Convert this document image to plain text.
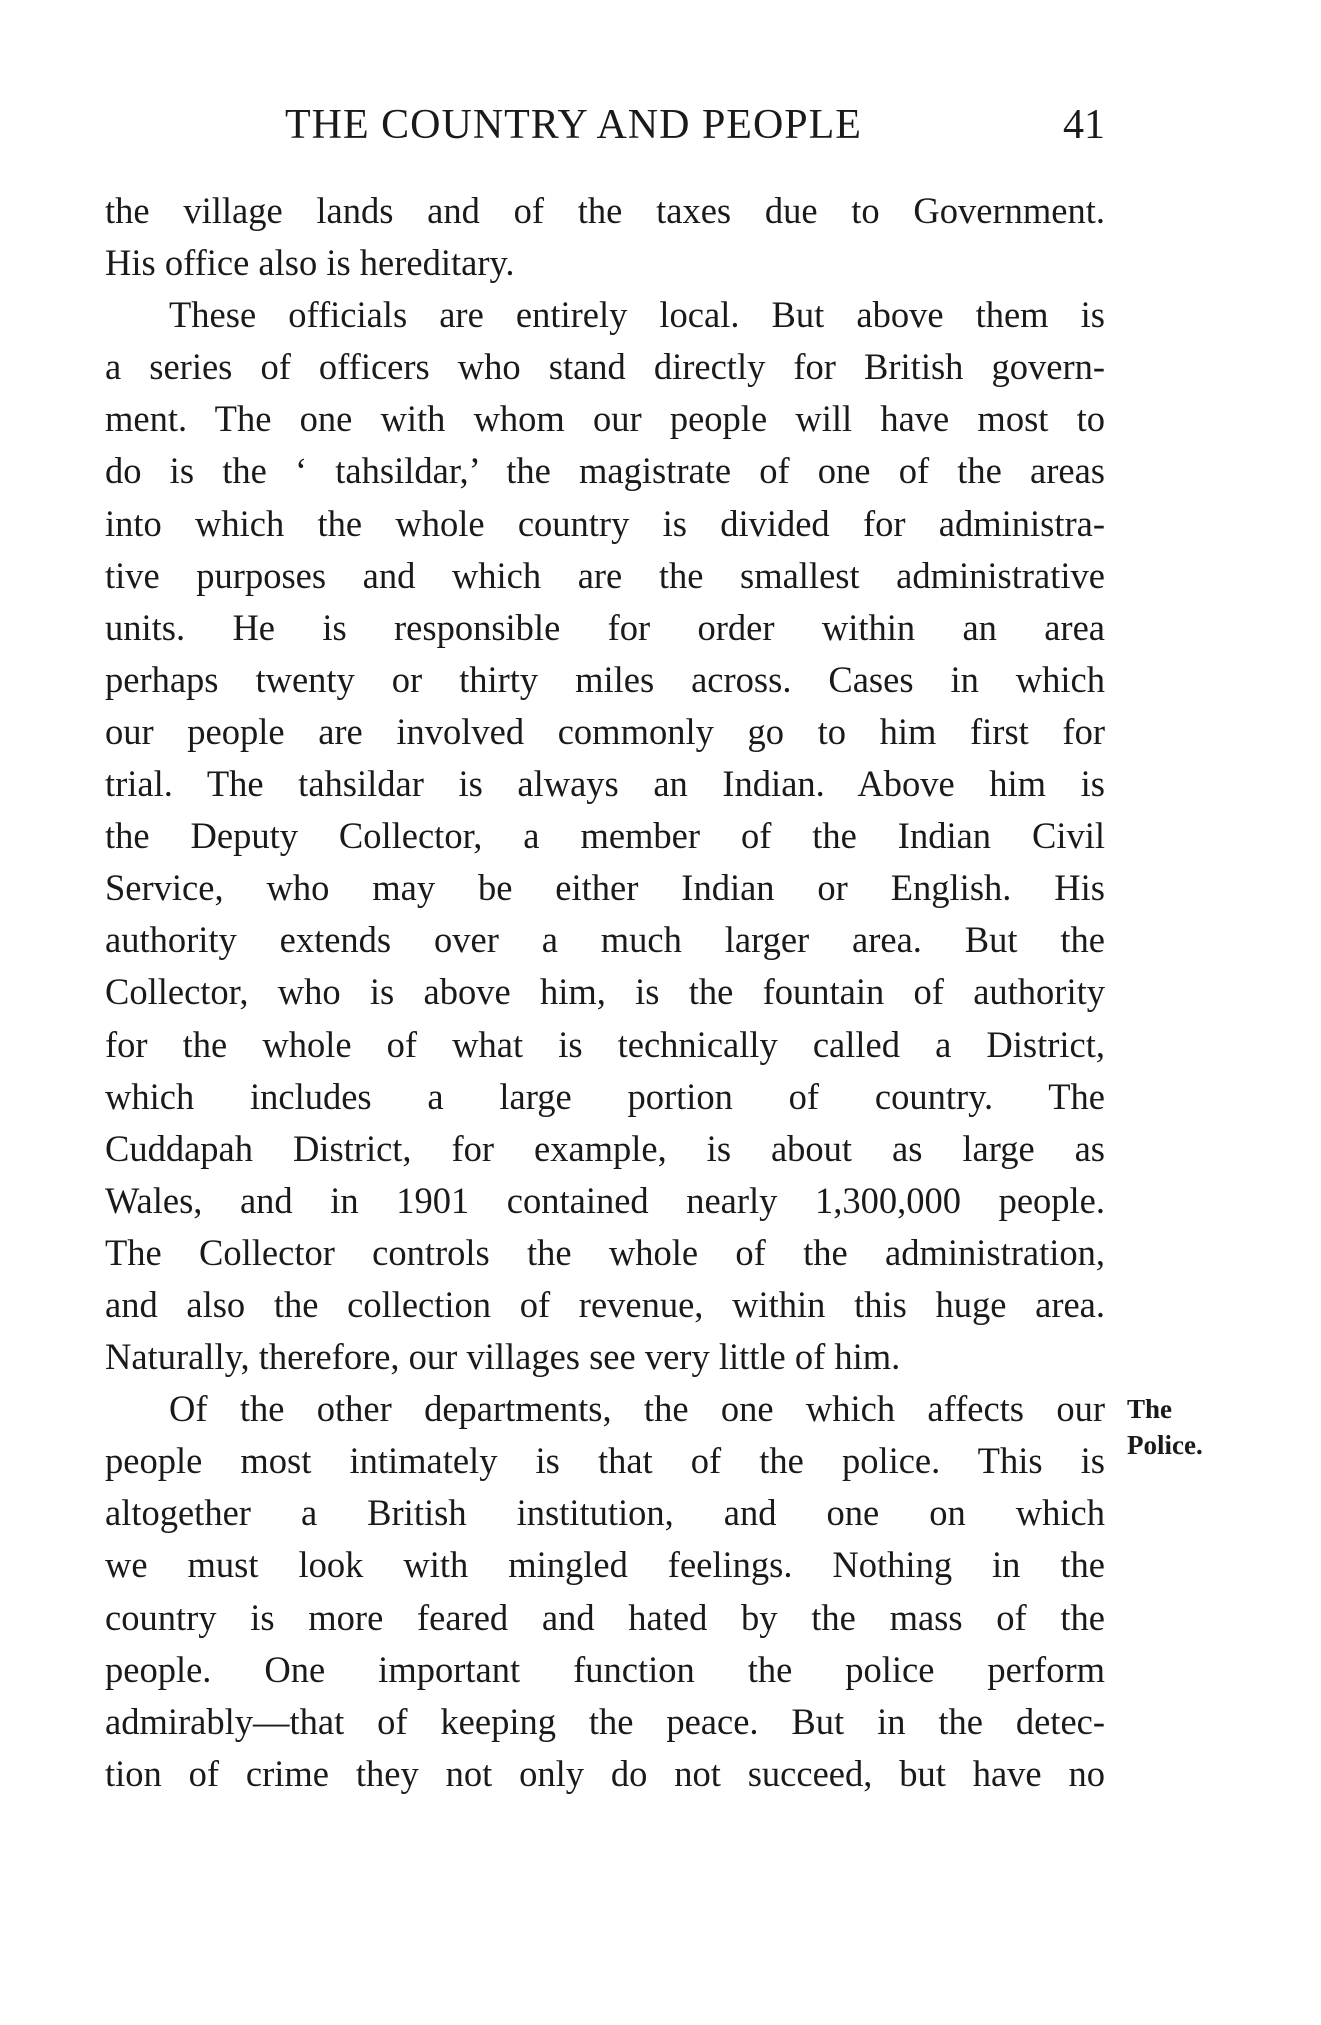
THE COUNTRY AND PEOPLE	41
the village lands and of the taxes due to Government.
His office also is hereditary.
These officials are entirely local. But above them is
a series of officers who stand directly for British govern-
ment. The one with whom our people will have most to
do is the ‘ tahsildar,’ the magistrate of one of the areas
into which the whole country is divided for administra-
tive purposes and which are the smallest administrative
units. He is responsible for order within an area
perhaps twenty or thirty miles across. Cases in which
our people are involved commonly go to him first for
trial. The tahsildar is always an Indian. Above him is
the Deputy Collector, a member of the Indian Civil
Service, who may be either Indian or English. His
authority extends over a much larger area. But the
Collector, who is above him, is the fountain of authority
for the whole of what is technically called a District,
which includes a large portion of country. The
Cuddapah District, for example, is about as large as
Wales, and in 1901 contained nearly 1,300,000 people.
The Collector controls the whole of the administration,
and also the collection of revenue, within this huge area.
Naturally, therefore, our villages see very little of him.
Of the other departments, the one which affects our
people most intimately is that of the police. This is
altogether a British institution, and one on which
we must look with mingled feelings. Nothing in the
country is more feared and hated by the mass of the
people. One important function the police perform
admirably—that of keeping the peace. But in the detec-
tion of crime they not only do not succeed, but have no
The
Police.
